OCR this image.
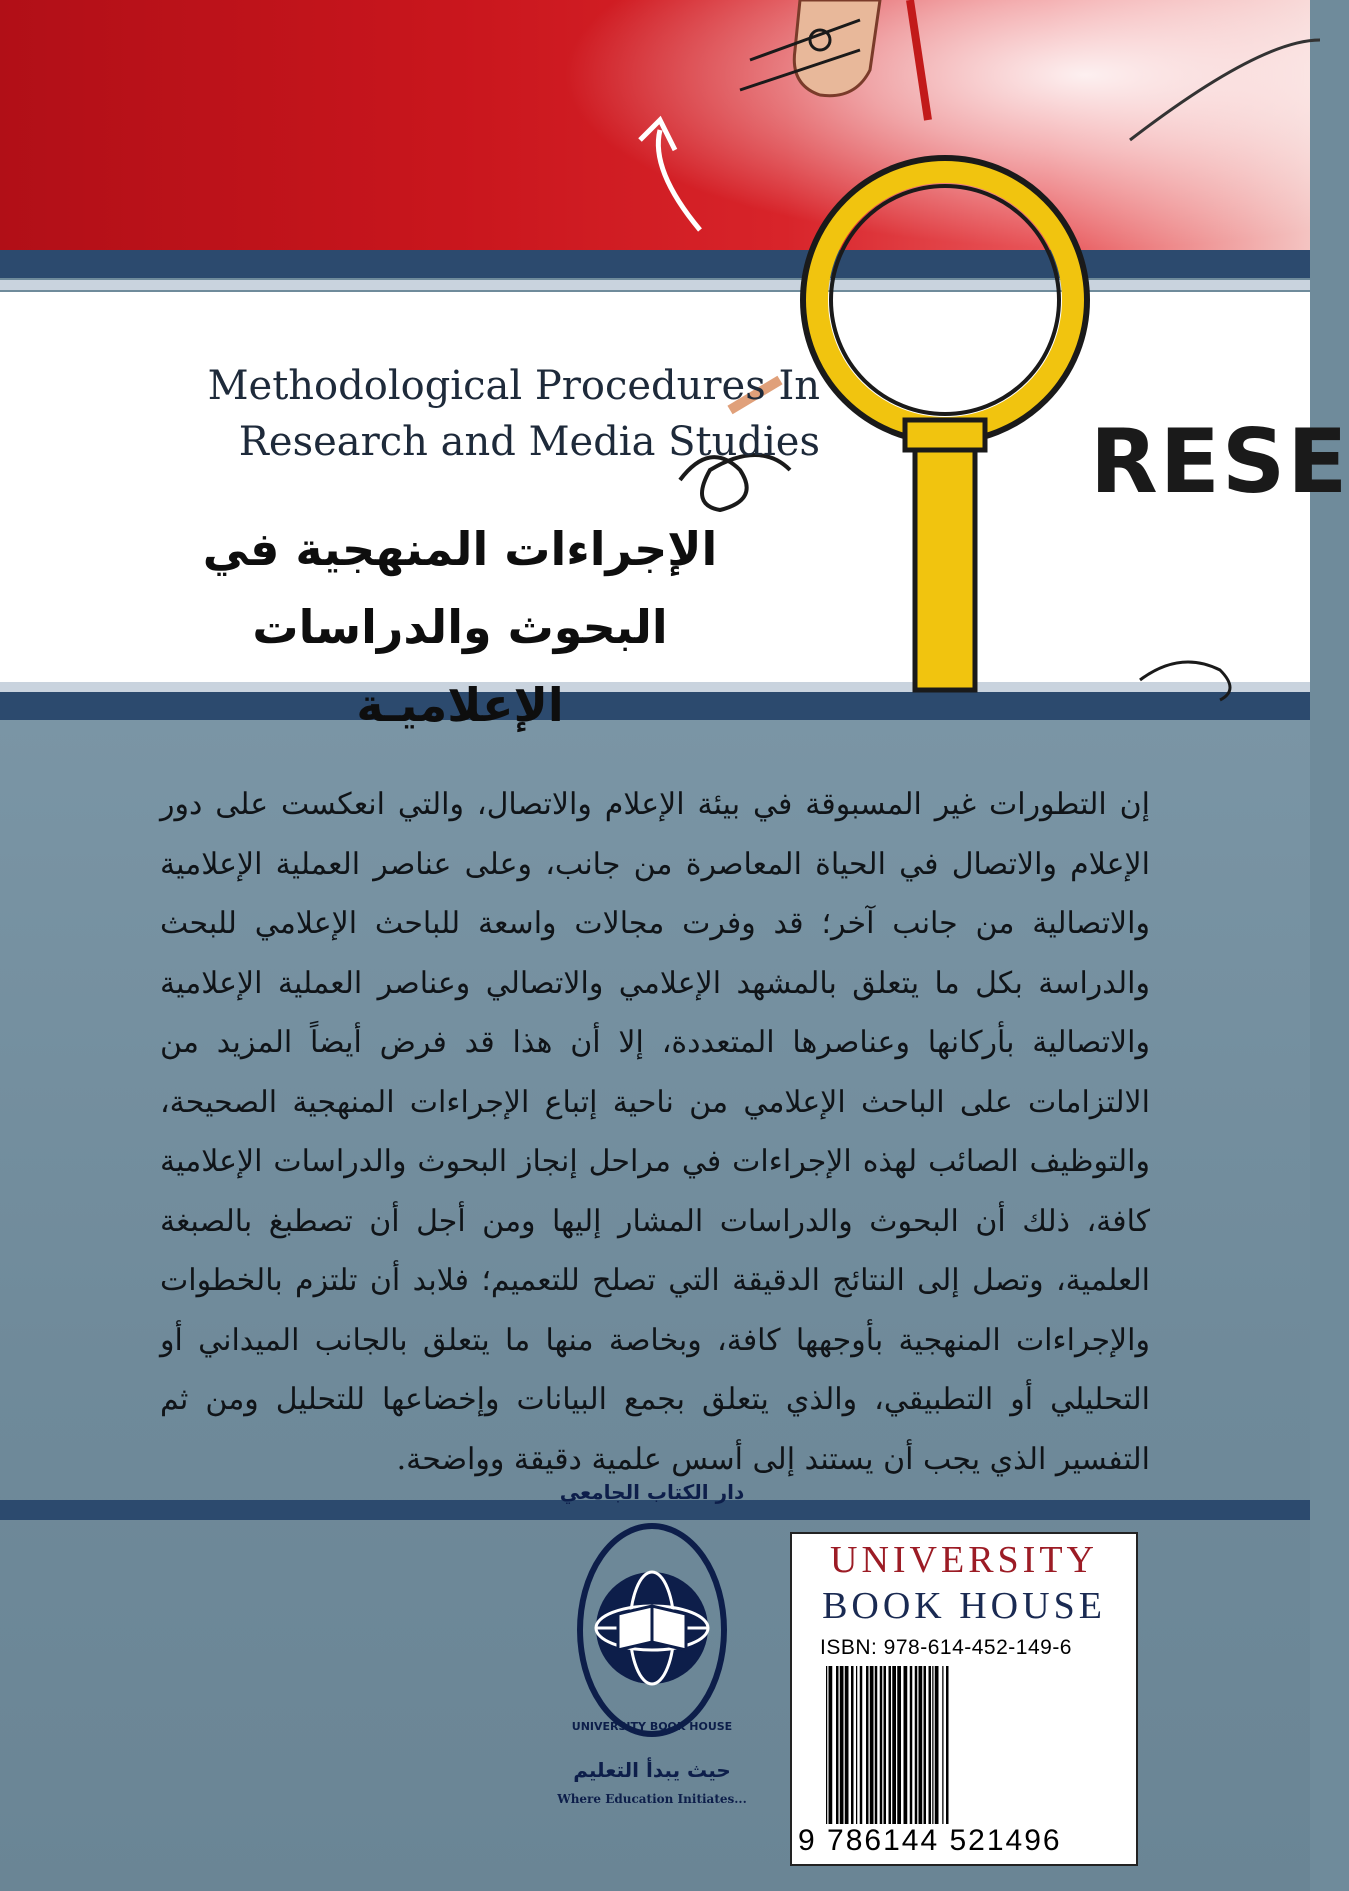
RESE
Methodological Procedures In
Research and Media Studies
الإجراءات المنهجية في
البحوث والدراسات الإعلاميـة

إن التطورات غير المسبوقة في بيئة الإعلام والاتصال، والتي انعكست على دور الإعلام والاتصال في الحياة المعاصرة من جانب، وعلى عناصر العملية الإعلامية والاتصالية من جانب آخر؛ قد وفرت مجالات واسعة للباحث الإعلامي للبحث والدراسة بكل ما يتعلق بالمشهد الإعلامي والاتصالي وعناصر العملية الإعلامية والاتصالية بأركانها وعناصرها المتعددة، إلا أن هذا قد فرض أيضاً المزيد من الالتزامات على الباحث الإعلامي من ناحية إتباع الإجراءات المنهجية الصحيحة، والتوظيف الصائب لهذه الإجراءات في مراحل إنجاز البحوث والدراسات الإعلامية كافة، ذلك أن البحوث والدراسات المشار إليها ومن أجل أن تصطبغ بالصبغة العلمية، وتصل إلى النتائج الدقيقة التي تصلح للتعميم؛ فلابد أن تلتزم بالخطوات والإجراءات المنهجية بأوجهها كافة، وبخاصة منها ما يتعلق بالجانب الميداني أو التحليلي أو التطبيقي، والذي يتعلق بجمع البيانات وإخضاعها للتحليل ومن ثم التفسير الذي يجب أن يستند إلى أسس علمية دقيقة وواضحة.

دار الكتاب الجامعي
UNIVERSITY BOOK HOUSE
حيث يبدأ التعليم
Where Education Initiates...
UNIVERSITY
BOOK HOUSE
ISBN: 978-614-452-149-6
9 786144 521496
